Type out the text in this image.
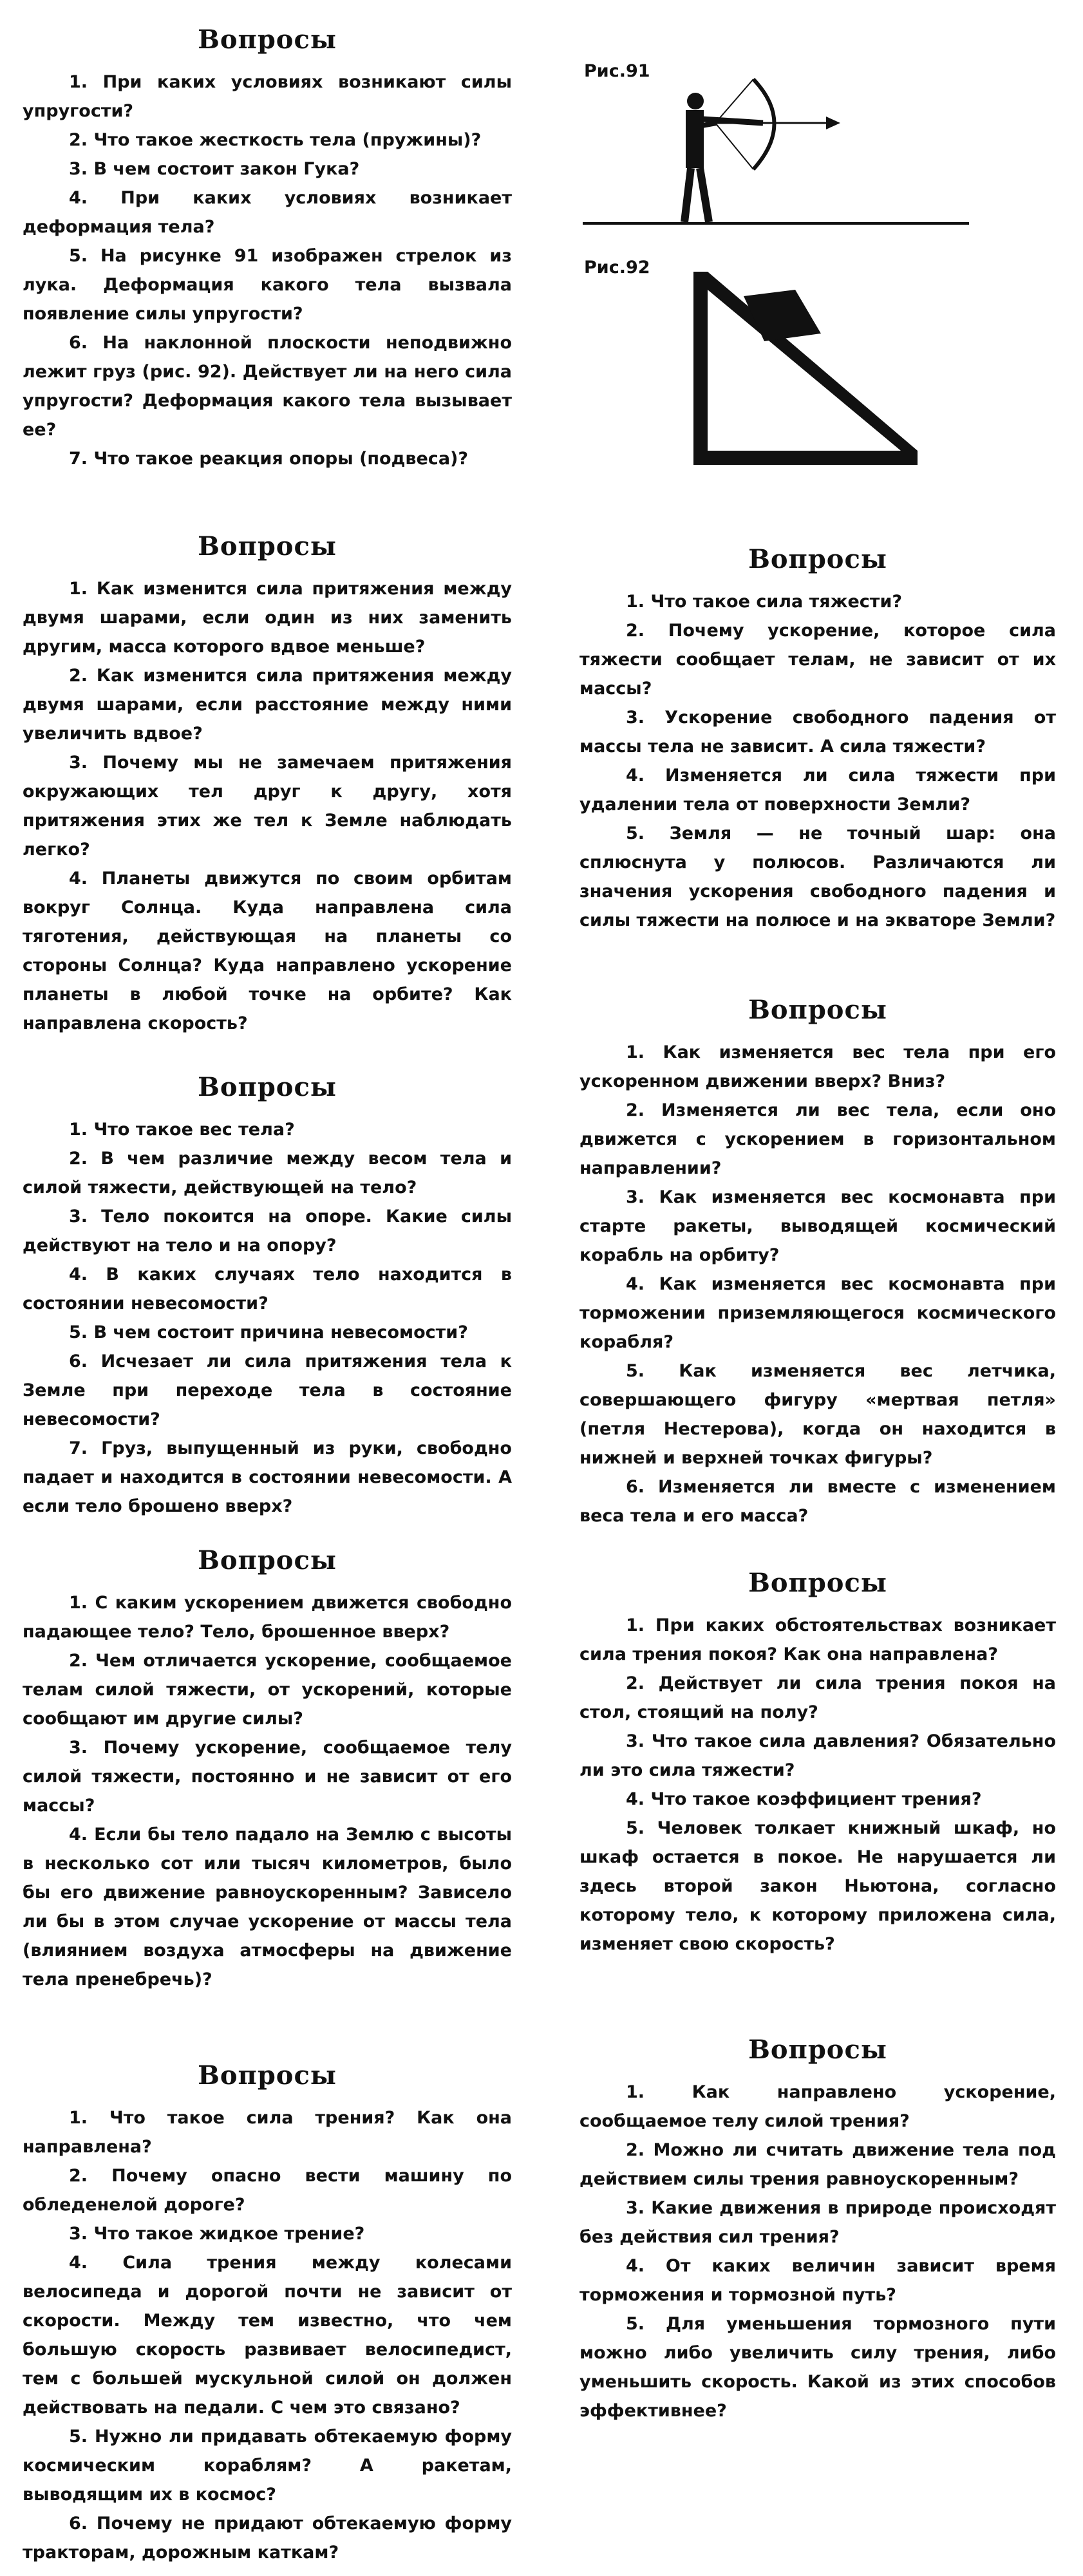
Вопросы

1. При каких условиях возникают силы упругости?

2. Что такое жесткость тела (пружины)?

3. В чем состоит закон Гука?

4. При каких условиях возникает деформация тела?

5. На рисунке 91 изображен стрелок из лука. Деформация какого тела вызвала появление силы упругости?

6. На наклонной плоскости неподвижно лежит груз (рис. 92). Действует ли на него сила упругости? Деформация какого тела вызывает ее?

7. Что такое реакция опоры (подвеса)?

Рис.91
Рис.92
Вопросы

1. Как изменится сила притяжения между двумя шарами, если один из них заменить другим, масса которого вдвое меньше?

2. Как изменится сила притяжения между двумя шарами, если расстояние между ними увеличить вдвое?

3. Почему мы не замечаем притяжения окружающих тел друг к другу, хотя притяжения этих же тел к Земле наблюдать легко?

4. Планеты движутся по своим орбитам вокруг Солнца. Куда направлена сила тяготения, действующая на планеты со стороны Солнца? Куда направлено ускорение планеты в любой точке на орбите? Как направлена скорость?

Вопросы

1. Что такое сила тяжести?

2. Почему ускорение, которое сила тяжести сообщает телам, не зависит от их массы?

3. Ускорение свободного падения от массы тела не зависит. А сила тяжести?

4. Изменяется ли сила тяжести при удалении тела от поверхности Земли?

5. Земля — не точный шар: она сплюснута у полюсов. Различаются ли значения ускорения свободного падения и силы тяжести на полюсе и на экваторе Земли?

Вопросы

1. Что такое вес тела?

2. В чем различие между весом тела и силой тяжести, действующей на тело?

3. Тело покоится на опоре. Какие силы действуют на тело и на опору?

4. В каких случаях тело находится в состоянии невесомости?

5. В чем состоит причина невесомости?

6. Исчезает ли сила притяжения тела к Земле при переходе тела в состояние невесомости?

7. Груз, выпущенный из руки, свободно падает и находится в состоянии невесомости. А если тело брошено вверх?

Вопросы

1. Как изменяется вес тела при его ускоренном движении вверх? Вниз?

2. Изменяется ли вес тела, если оно движется с ускорением в горизонтальном направлении?

3. Как изменяется вес космонавта при старте ракеты, выводящей космический корабль на орбиту?

4. Как изменяется вес космонавта при торможении приземляющегося космического корабля?

5. Как изменяется вес летчика, совершающего фигуру «мертвая петля» (петля Нестерова), когда он находится в нижней и верхней точках фигуры?

6. Изменяется ли вместе с изменением веса тела и его масса?

Вопросы

1. С каким ускорением движется свободно падающее тело? Тело, брошенное вверх?

2. Чем отличается ускорение, сообщаемое телам силой тяжести, от ускорений, которые сообщают им другие силы?

3. Почему ускорение, сообщаемое телу силой тяжести, постоянно и не зависит от его массы?

4. Если бы тело падало на Землю с высоты в несколько сот или тысяч километров, было бы его движение равноускоренным? Зависело ли бы в этом случае ускорение от массы тела (влиянием воздуха атмосферы на движение тела пренебречь)?

Вопросы

1. При каких обстоятельствах возникает сила трения покоя? Как она направлена?

2. Действует ли сила трения покоя на стол, стоящий на полу?

3. Что такое сила давления? Обязательно ли это сила тяжести?

4. Что такое коэффициент трения?

5. Человек толкает книжный шкаф, но шкаф остается в покое. Не нарушается ли здесь второй закон Ньютона, согласно которому тело, к которому приложена сила, изменяет свою скорость?

Вопросы

1. Что такое сила трения? Как она направлена?

2. Почему опасно вести машину по обледенелой дороге?

3. Что такое жидкое трение?

4. Сила трения между колесами велосипеда и дорогой почти не зависит от скорости. Между тем известно, что чем большую скорость развивает велосипедист, тем с большей мускульной силой он должен действовать на педали. С чем это связано?

5. Нужно ли придавать обтекаемую форму космическим кораблям? А ракетам, выводящим их в космос?

6. Почему не придают обтекаемую форму тракторам, дорожным каткам?

Вопросы

1. Как направлено ускорение, сообщаемое телу силой трения?

2. Можно ли считать движение тела под действием силы трения равноускоренным?

3. Какие движения в природе происходят без действия сил трения?

4. От каких величин зависит время торможения и тормозной путь?

5. Для уменьшения тормозного пути можно либо увеличить силу трения, либо уменьшить скорость. Какой из этих способов эффективнее?
